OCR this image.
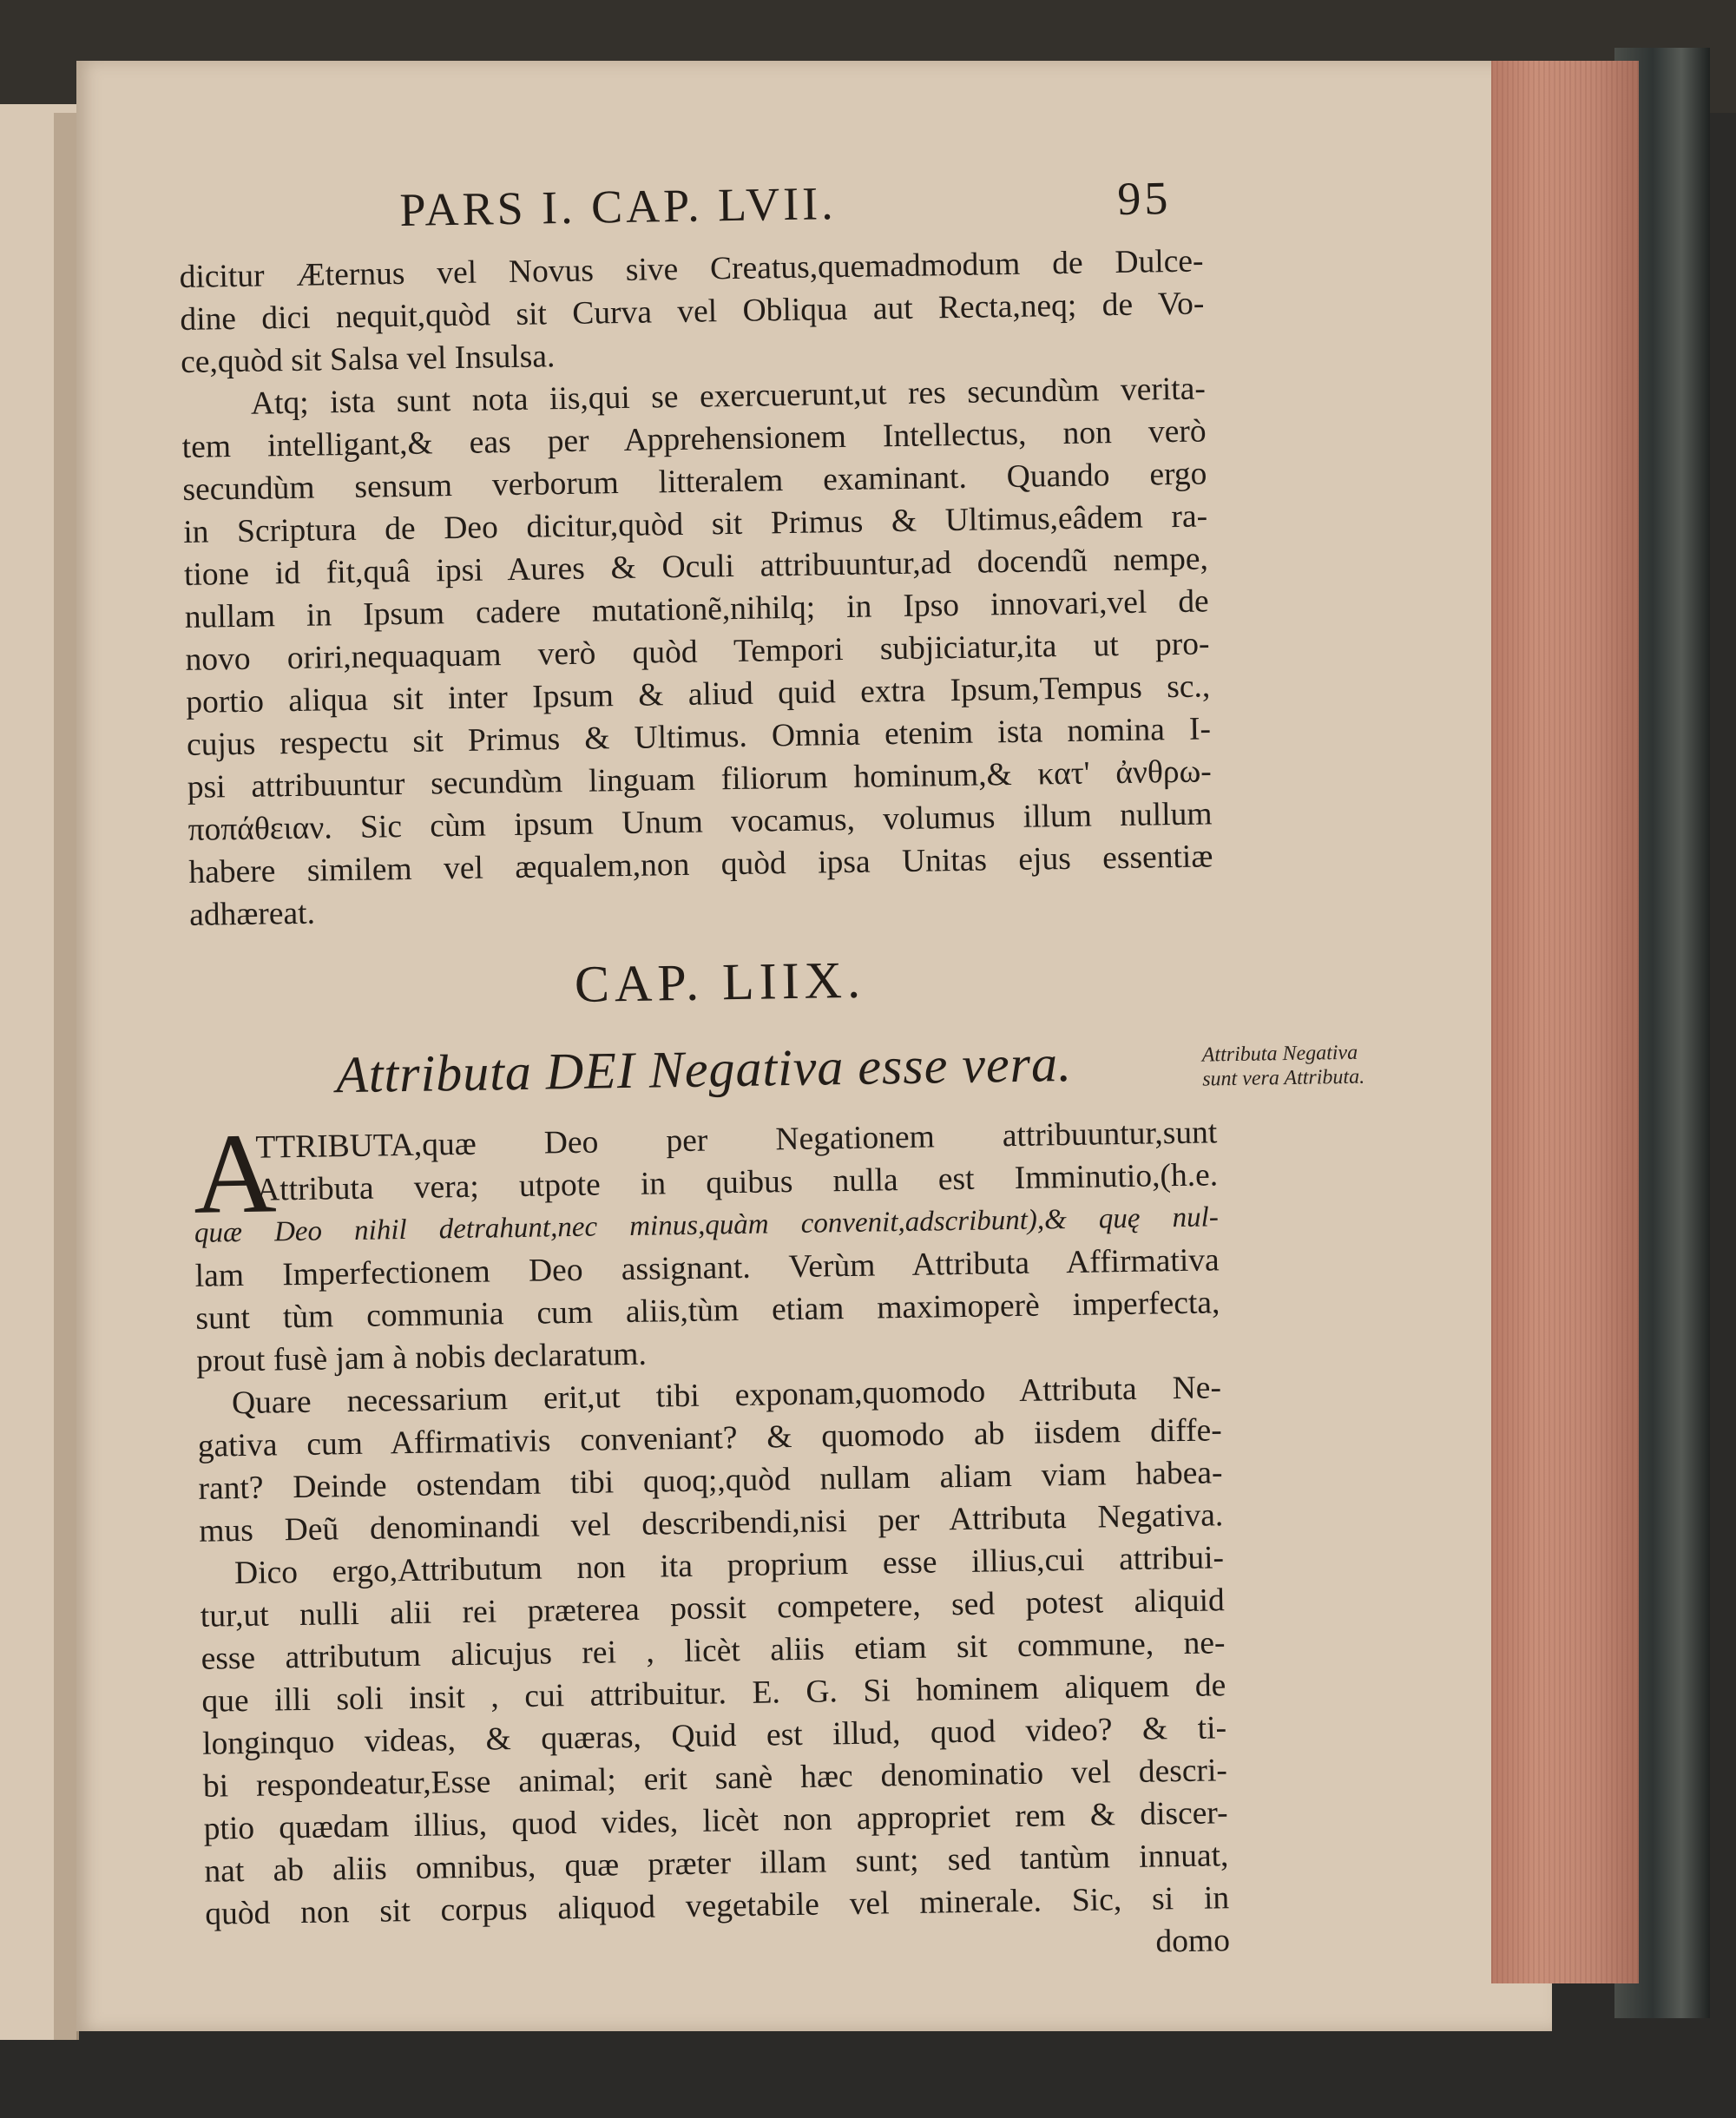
PARS I. CAP. LVII.	95
dicitur Æternus vel Novus sive Creatus,quemadmodum de Dulce-
dine dici nequit,quòd sit Curva vel Obliqua aut Recta,neq; de Vo-
ce,quòd sit Salsa vel Insulsa.
Atq; ista sunt nota iis,qui se exercuerunt,ut res secundùm verita-
tem intelligant,& eas per Apprehensionem Intellectus, non verò
secundùm sensum verborum litteralem examinant. Quando ergo
in Scriptura de Deo dicitur,quòd sit Primus & Ultimus,eâdem ra-
tione id fit,quâ ipsi Aures & Oculi attribuuntur,ad docendũ nempe,
nullam in Ipsum cadere mutationẽ,nihilq; in Ipso innovari,vel de
novo oriri,nequaquam verò quòd Tempori subjiciatur,ita ut pro-
portio aliqua sit inter Ipsum & aliud quid extra Ipsum,Tempus sc.,
cujus respectu sit Primus & Ultimus. Omnia etenim ista nomina I-
psi attribuuntur secundùm linguam filiorum hominum,& κατ' ἀνθρω-
ποπάθειαν. Sic cùm ipsum Unum vocamus, volumus illum nullum
habere similem vel æqualem,non quòd ipsa Unitas ejus essentiæ
adhæreat.
CAP. LIIX.
Attributa DEI Negativa esse vera.
A
TTRIBUTA,quæ Deo per Negationem attribuuntur,sunt
Attributa vera; utpote in quibus nulla est Imminutio,(h.e.
quæ Deo nihil detrahunt,nec minus,quàm convenit,adscribunt),& quę nul-
lam Imperfectionem Deo assignant. Verùm Attributa Affirmativa
sunt tùm communia cum aliis,tùm etiam maximoperè imperfecta,
prout fusè jam à nobis declaratum.
Quare necessarium erit,ut tibi exponam,quomodo Attributa Ne-
gativa cum Affirmativis conveniant? & quomodo ab iisdem diffe-
rant? Deinde ostendam tibi quoq;,quòd nullam aliam viam habea-
mus Deũ denominandi vel describendi,nisi per Attributa Negativa.
Dico ergo,Attributum non ita proprium esse illius,cui attribui-
tur,ut nulli alii rei præterea possit competere, sed potest aliquid
esse attributum alicujus rei , licèt aliis etiam sit commune, ne-
que illi soli insit , cui attribuitur. E. G. Si hominem aliquem de
longinquo videas, & quæras, Quid est illud, quod video? & ti-
bi respondeatur,Esse animal; erit sanè hæc denominatio vel descri-
ptio quædam illius, quod vides, licèt non appropriet rem & discer-
nat ab aliis omnibus, quæ præter illam sunt; sed tantùm innuat,
quòd non sit corpus aliquod vegetabile vel minerale. Sic, si in
domo
Attributa Negativa sunt vera Attributa.
